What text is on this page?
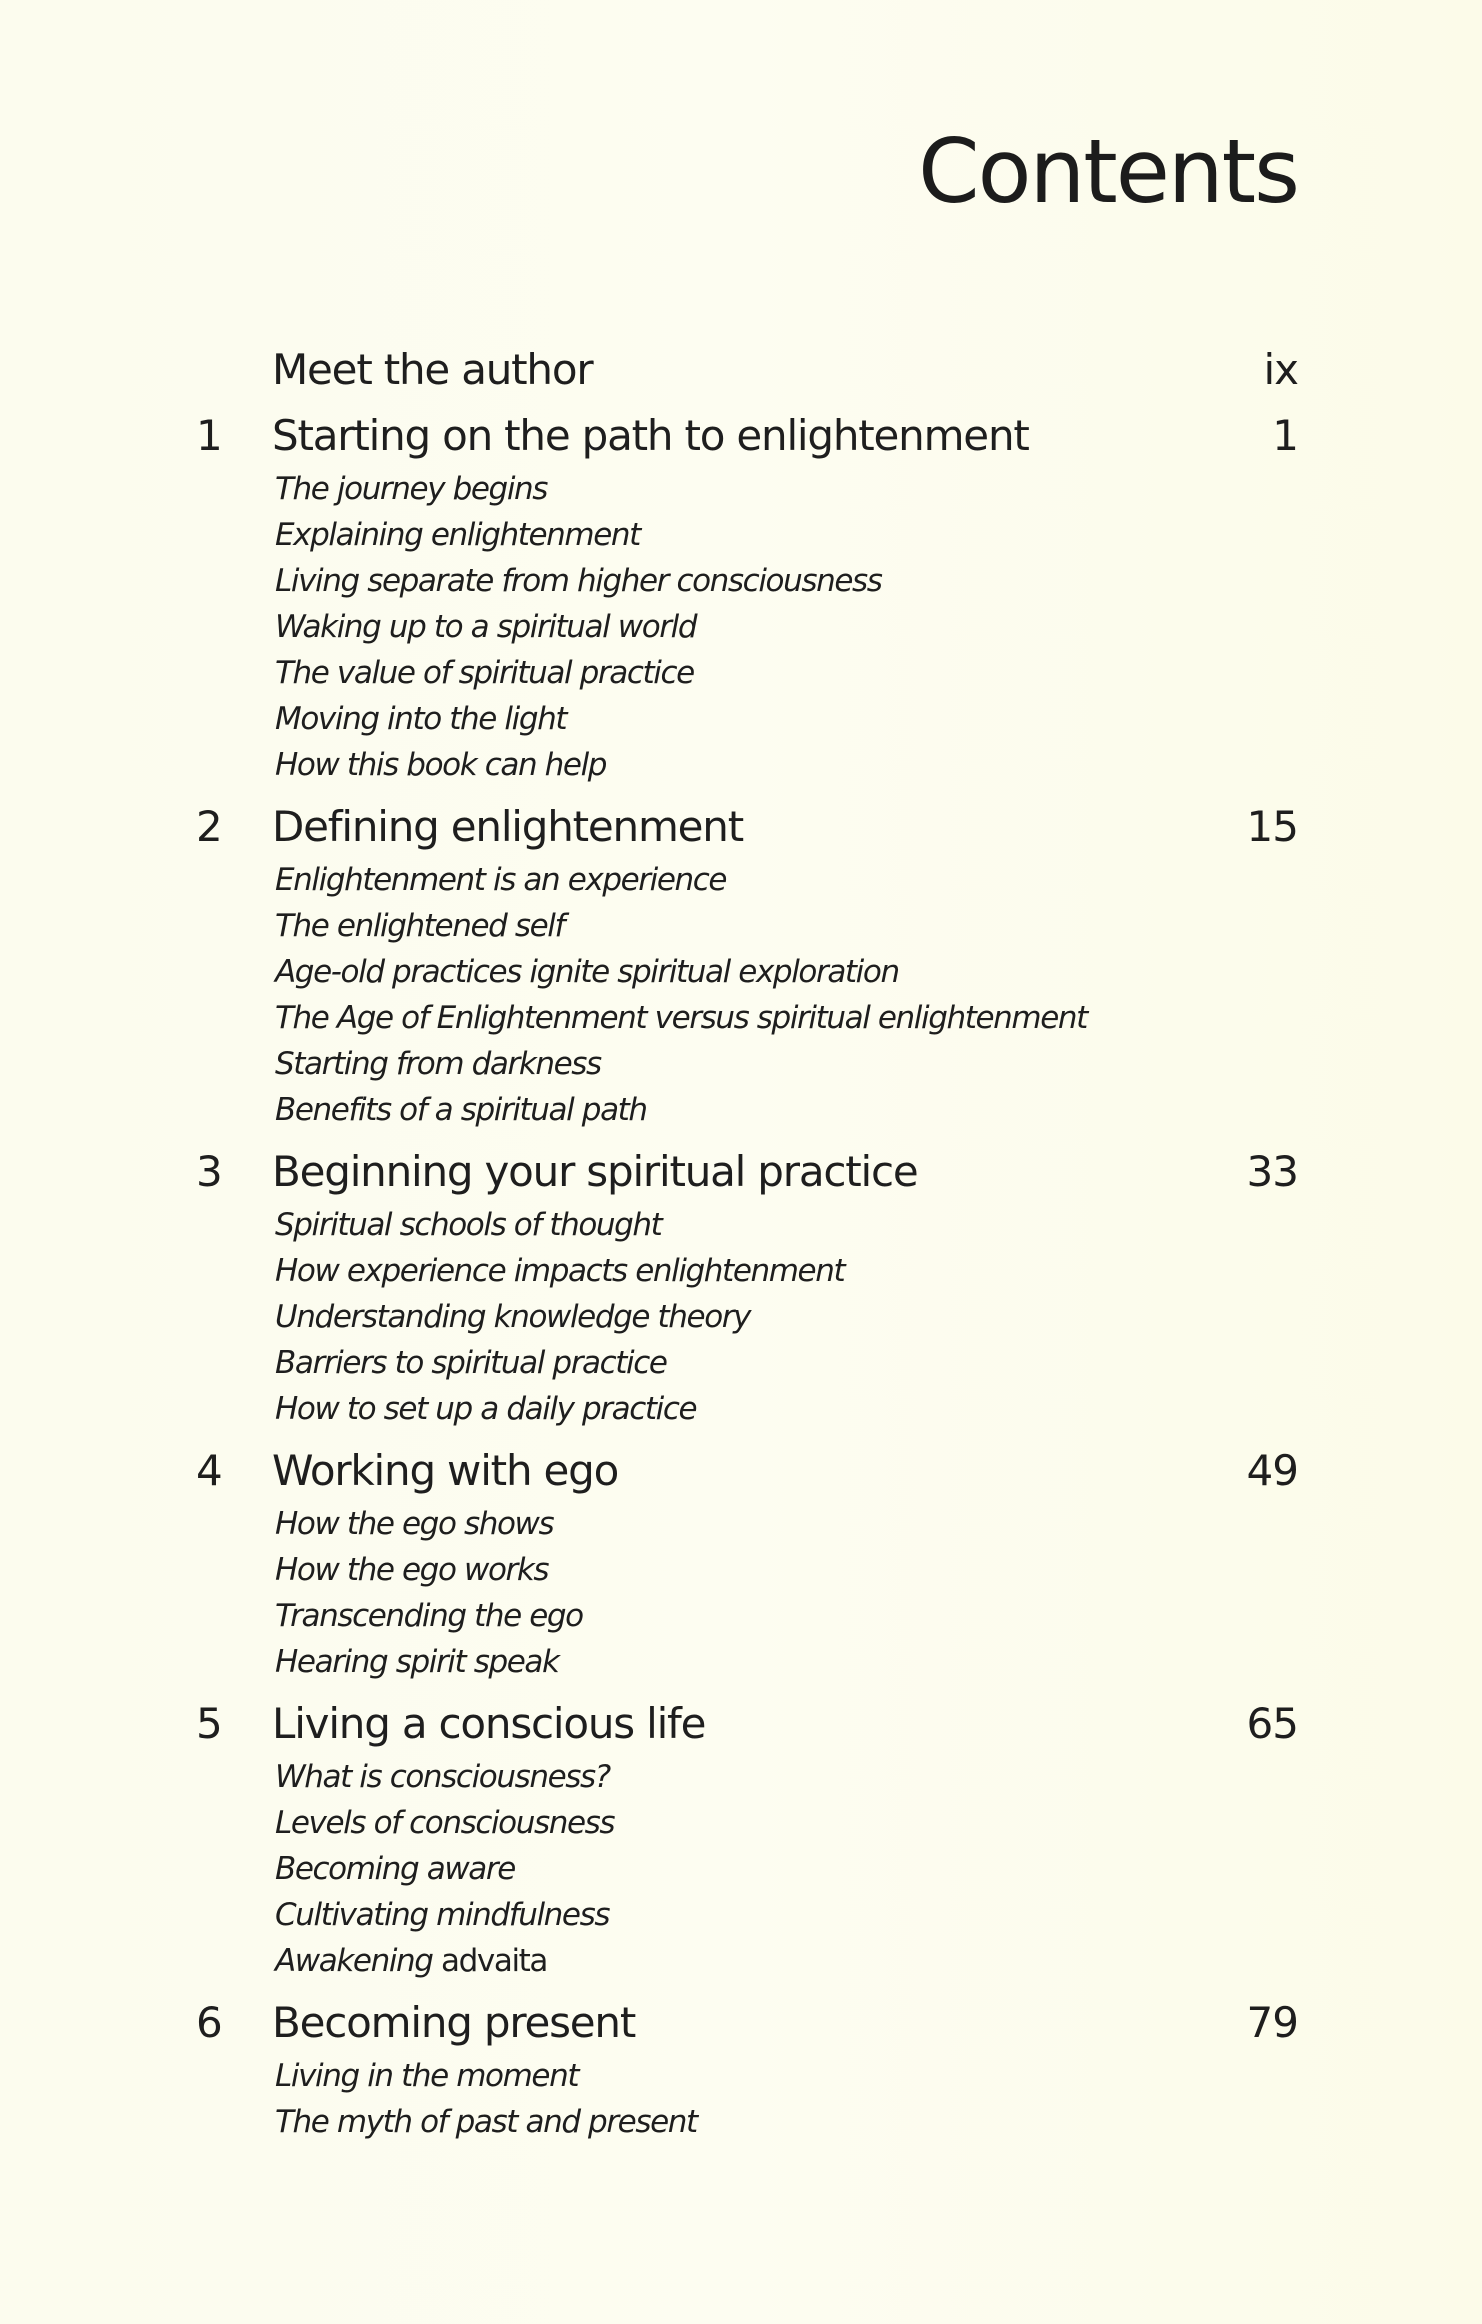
Contents
Meet the author	ix
1	Starting on the path to enlightenment	1
The journey begins
Explaining enlightenment
Living separate from higher consciousness
Waking up to a spiritual world
The value of spiritual practice
Moving into the light
How this book can help
2	Defining enlightenment	15
Enlightenment is an experience
The enlightened self
Age-old practices ignite spiritual exploration
The Age of Enlightenment versus spiritual enlightenment
Starting from darkness
Benefits of a spiritual path
3	Beginning your spiritual practice	33
Spiritual schools of thought
How experience impacts enlightenment
Understanding knowledge theory
Barriers to spiritual practice
How to set up a daily practice
4	Working with ego	49
How the ego shows
How the ego works
Transcending the ego
Hearing spirit speak
5	Living a conscious life	65
What is consciousness?
Levels of consciousness
Becoming aware
Cultivating mindfulness
Awakening advaita
6	Becoming present	79
Living in the moment
The myth of past and present
